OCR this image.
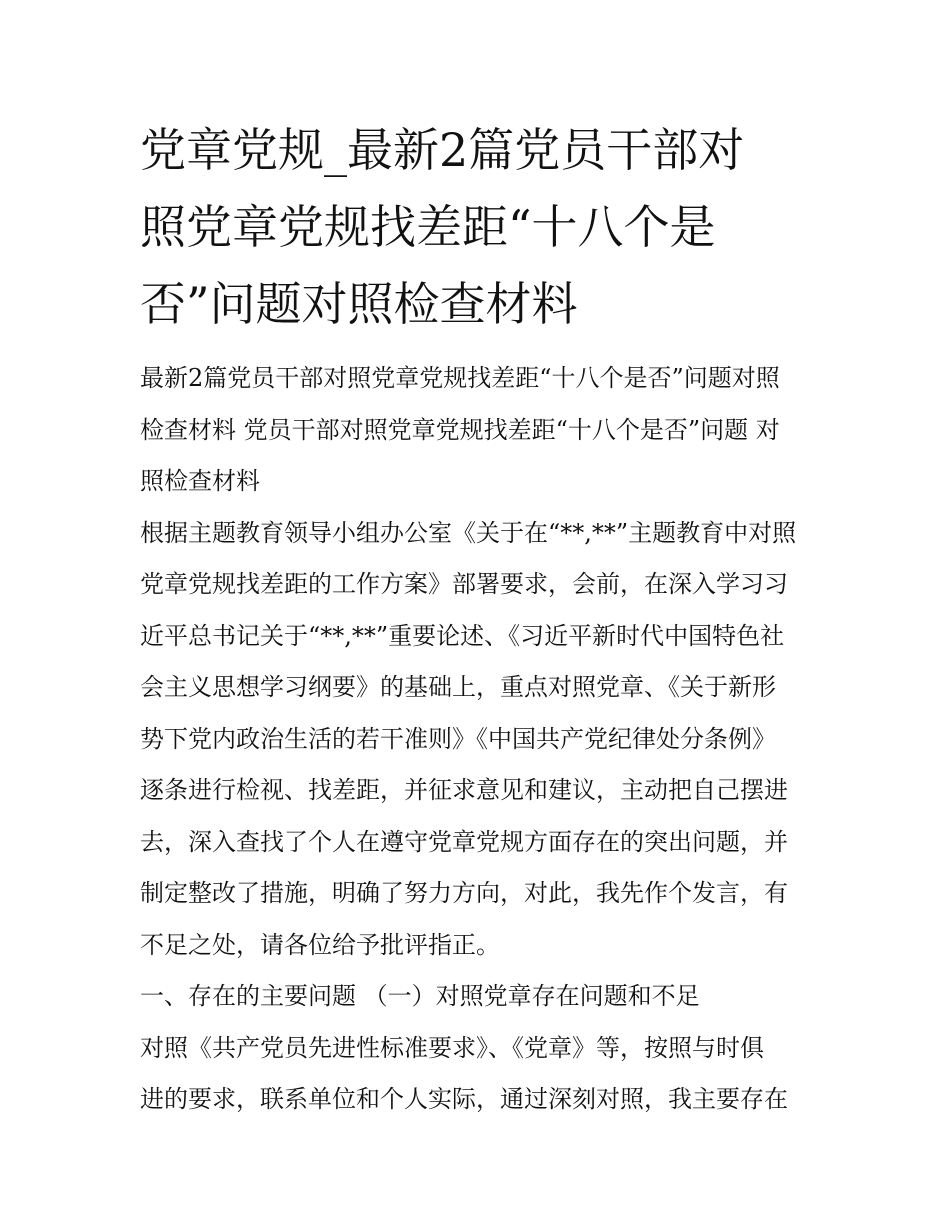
党章党规_最新2篇党员干部对
照党章党规找差距“十八个是
否”问题对照检查材料
最新2篇党员干部对照党章党规找差距“十八个是否”问题对照
检查材料 党员干部对照党章党规找差距“十八个是否”问题 对
照检查材料
根据主题教育领导小组办公室《关于在“**,**”主题教育中对照
党章党规找差距的工作方案》部署要求，会前，在深入学习习
近平总书记关于“**,**”重要论述、《习近平新时代中国特色社
会主义思想学习纲要》的基础上，重点对照党章、《关于新形
势下党内政治生活的若干准则》《中国共产党纪律处分条例》
逐条进行检视、找差距，并征求意见和建议，主动把自己摆进
去，深入查找了个人在遵守党章党规方面存在的突出问题，并
制定整改了措施，明确了努力方向，对此，我先作个发言，有
不足之处，请各位给予批评指正。
一、存在的主要问题 （一）对照党章存在问题和不足
对照《共产党员先进性标准要求》、《党章》等，按照与时俱
进的要求，联系单位和个人实际，通过深刻对照，我主要存在
